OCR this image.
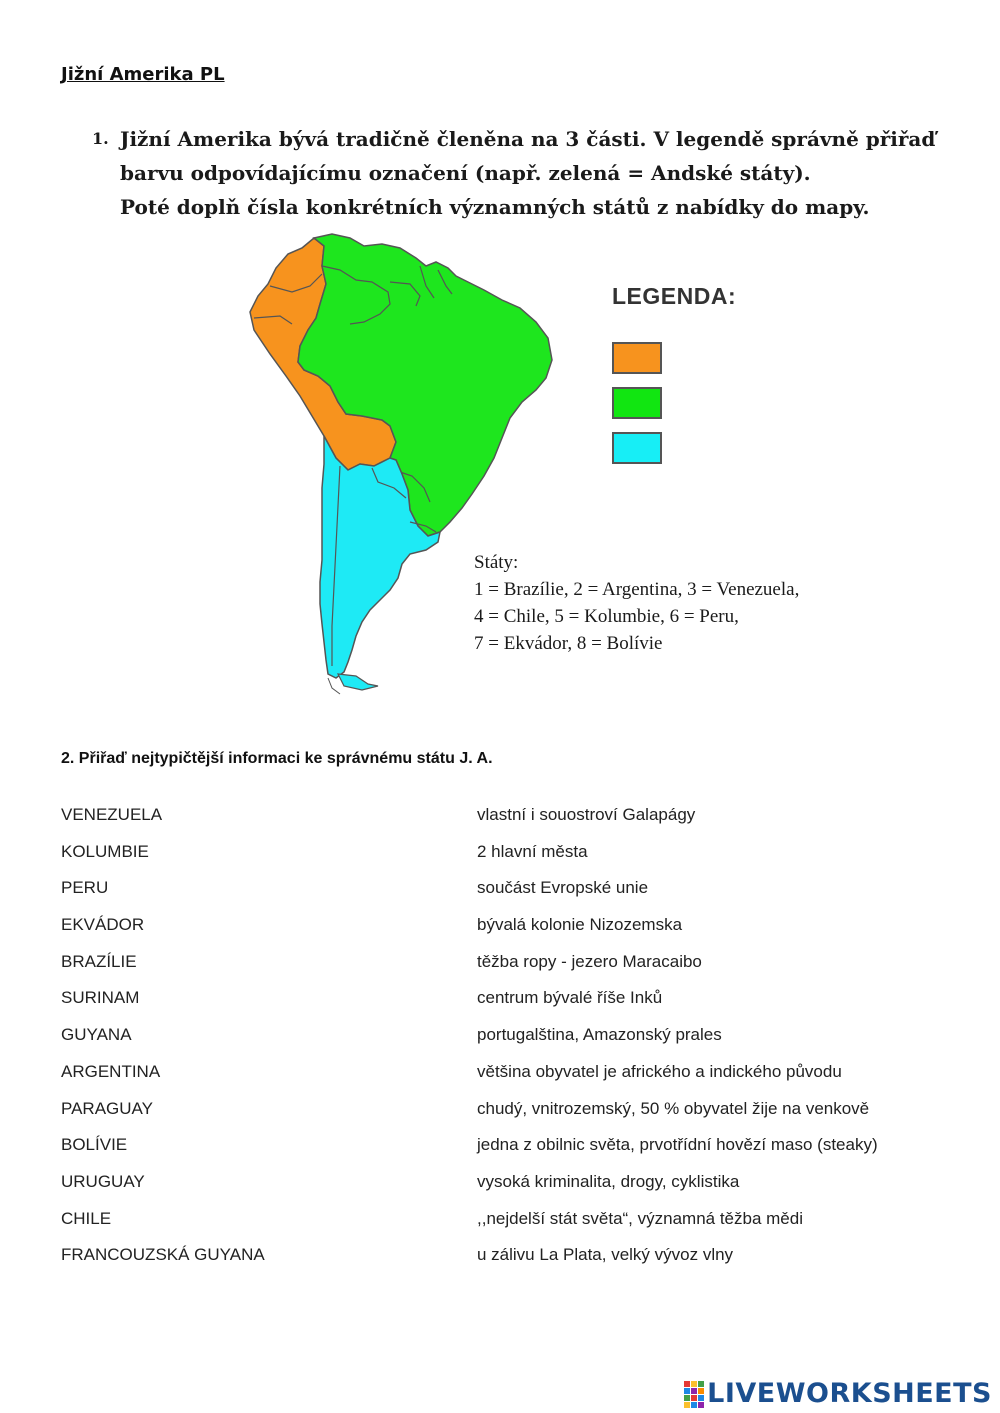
Jižní Amerika PL
1. Jižní Amerika bývá tradičně členěna na 3 části. V legendě správně přiřaď
barvu odpovídajícímu označení (např. zelená = Andské státy).
Poté doplň čísla konkrétních významných států z nabídky do mapy.
LEGENDA:
Státy:
1 = Brazílie, 2 = Argentina, 3 = Venezuela,
4 = Chile, 5 = Kolumbie, 6 = Peru,
7 = Ekvádor, 8 = Bolívie
2. Přiřaď nejtypičtější informaci ke správnému státu J. A.
VENEZUELA	vlastní i souostroví Galapágy
KOLUMBIE	2 hlavní města
PERU	součást Evropské unie
EKVÁDOR	bývalá kolonie Nizozemska
BRAZÍLIE	těžba ropy - jezero Maracaibo
SURINAM	centrum bývalé říše Inků
GUYANA	portugalština, Amazonský prales
ARGENTINA	většina obyvatel je afrického a indického původu
PARAGUAY	chudý, vnitrozemský, 50 % obyvatel žije na venkově
BOLÍVIE	jedna z obilnic světa, prvotřídní hovězí maso (steaky)
URUGUAY	vysoká kriminalita, drogy, cyklistika
CHILE	,,nejdelší stát světa“, významná těžba mědi
FRANCOUZSKÁ GUYANA	u zálivu La Plata, velký vývoz vlny
LIVEWORKSHEETS
